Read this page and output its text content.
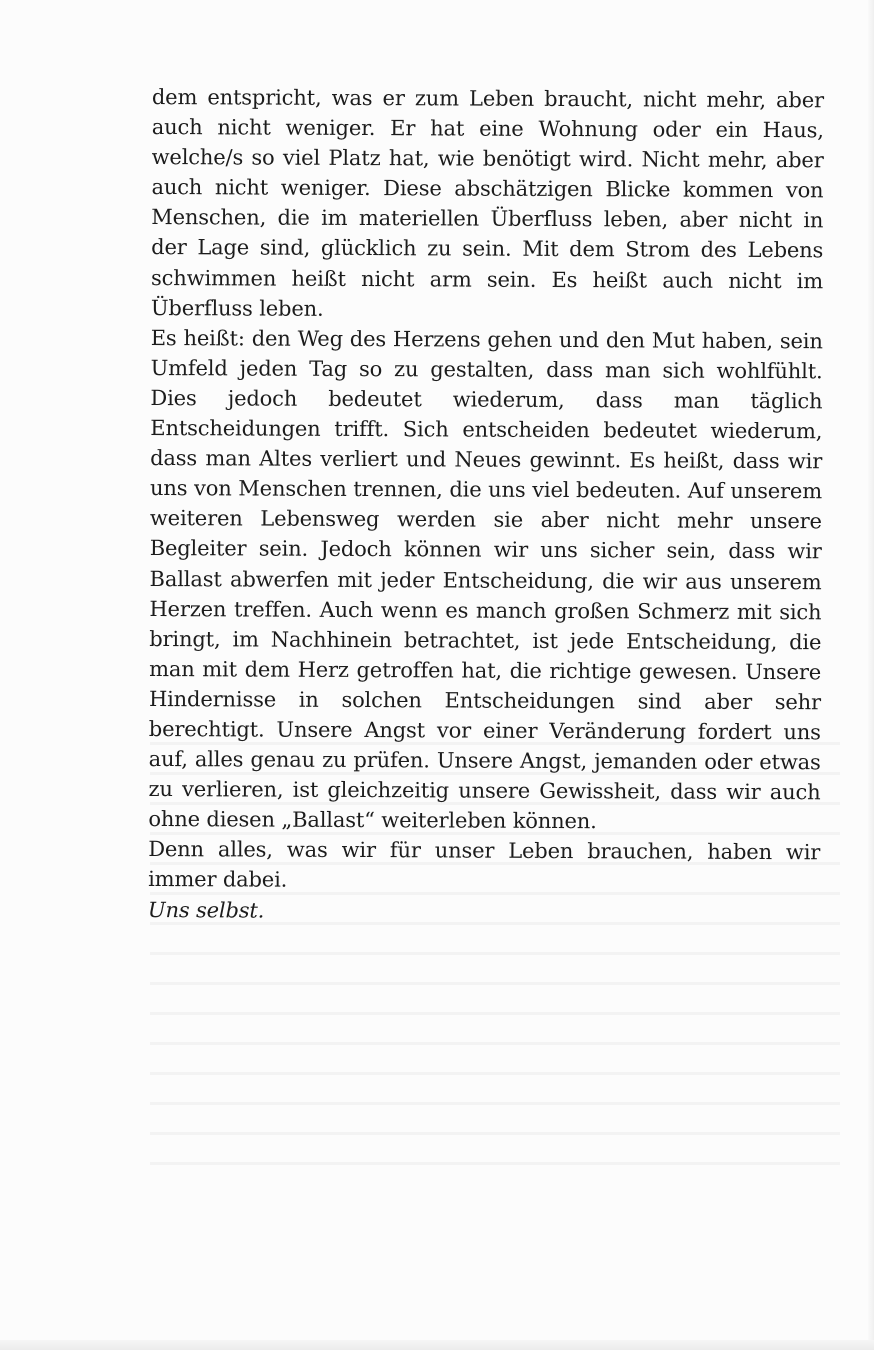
dem entspricht, was er zum Leben braucht, nicht mehr, aber auch nicht weniger. Er hat eine Wohnung oder ein Haus, welche/s so viel Platz hat, wie benötigt wird. Nicht mehr, aber auch nicht weniger. Diese abschätzigen Blicke kommen von Menschen, die im materiellen Überfluss leben, aber nicht in der Lage sind, glücklich zu sein. Mit dem Strom des Lebens schwimmen heißt nicht arm sein. Es heißt auch nicht im Überfluss leben.

Es heißt: den Weg des Herzens gehen und den Mut haben, sein Umfeld jeden Tag so zu gestalten, dass man sich wohlfühlt. Dies jedoch bedeutet wiederum, dass man täglich Entscheidungen trifft. Sich entscheiden bedeutet wiederum, dass man Altes verliert und Neues gewinnt. Es heißt, dass wir uns von Menschen trennen, die uns viel bedeuten. Auf unserem weiteren Lebensweg werden sie aber nicht mehr unsere Begleiter sein. Jedoch können wir uns sicher sein, dass wir Ballast abwerfen mit jeder Entscheidung, die wir aus unserem Herzen treffen. Auch wenn es manch großen Schmerz mit sich bringt, im Nachhinein betrachtet, ist jede Entscheidung, die man mit dem Herz getroffen hat, die richtige gewesen. Unsere Hindernisse in solchen Entscheidungen sind aber sehr berechtigt. Unsere Angst vor einer Veränderung fordert uns auf, alles genau zu prüfen. Unsere Angst, jemanden oder etwas zu verlieren, ist gleichzeitig unsere Gewissheit, dass wir auch ohne diesen „Ballast“ weiterleben können.

Denn alles, was wir für unser Leben brauchen, haben wir immer dabei.

Uns selbst.
